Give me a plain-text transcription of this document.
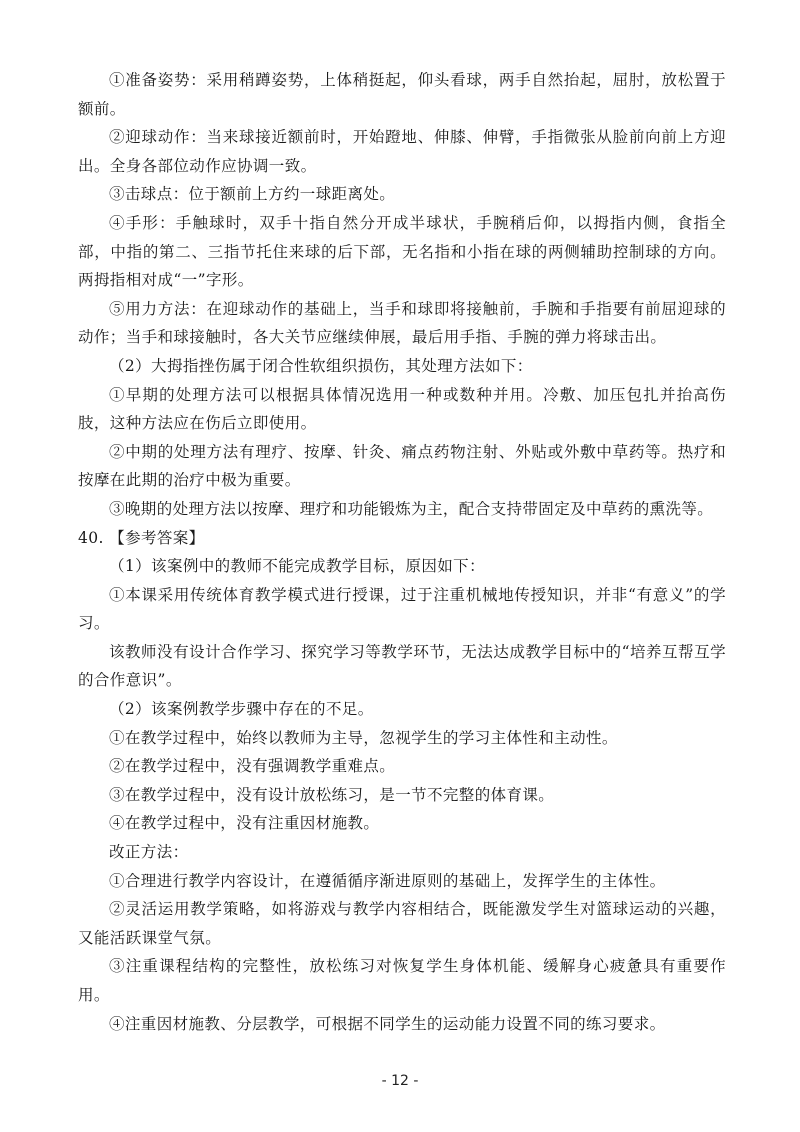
①准备姿势：采用稍蹲姿势，上体稍挺起，仰头看球，两手自然抬起，屈肘，放松置于额前。

②迎球动作：当来球接近额前时，开始蹬地、伸膝、伸臂，手指微张从脸前向前上方迎出。全身各部位动作应协调一致。

③击球点：位于额前上方约一球距离处。

④手形：手触球时，双手十指自然分开成半球状，手腕稍后仰，以拇指内侧，食指全部，中指的第二、三指节托住来球的后下部，无名指和小指在球的两侧辅助控制球的方向。两拇指相对成“一”字形。

⑤用力方法：在迎球动作的基础上，当手和球即将接触前，手腕和手指要有前屈迎球的动作；当手和球接触时，各大关节应继续伸展，最后用手指、手腕的弹力将球击出。

（2）大拇指挫伤属于闭合性软组织损伤，其处理方法如下：

①早期的处理方法可以根据具体情况选用一种或数种并用。冷敷、加压包扎并抬高伤肢，这种方法应在伤后立即使用。

②中期的处理方法有理疗、按摩、针灸、痛点药物注射、外贴或外敷中草药等。热疗和按摩在此期的治疗中极为重要。

③晚期的处理方法以按摩、理疗和功能锻炼为主，配合支持带固定及中草药的熏洗等。

40. 【参考答案】

（1）该案例中的教师不能完成教学目标，原因如下：

①本课采用传统体育教学模式进行授课，过于注重机械地传授知识，并非“有意义”的学习。

该教师没有设计合作学习、探究学习等教学环节，无法达成教学目标中的“培养互帮互学的合作意识”。

（2）该案例教学步骤中存在的不足。

①在教学过程中，始终以教师为主导，忽视学生的学习主体性和主动性。

②在教学过程中，没有强调教学重难点。

③在教学过程中，没有设计放松练习，是一节不完整的体育课。

④在教学过程中，没有注重因材施教。

改正方法：

①合理进行教学内容设计，在遵循循序渐进原则的基础上，发挥学生的主体性。

②灵活运用教学策略，如将游戏与教学内容相结合，既能激发学生对篮球运动的兴趣，又能活跃课堂气氛。

③注重课程结构的完整性，放松练习对恢复学生身体机能、缓解身心疲惫具有重要作用。

④注重因材施教、分层教学，可根据不同学生的运动能力设置不同的练习要求。

- 12 -
